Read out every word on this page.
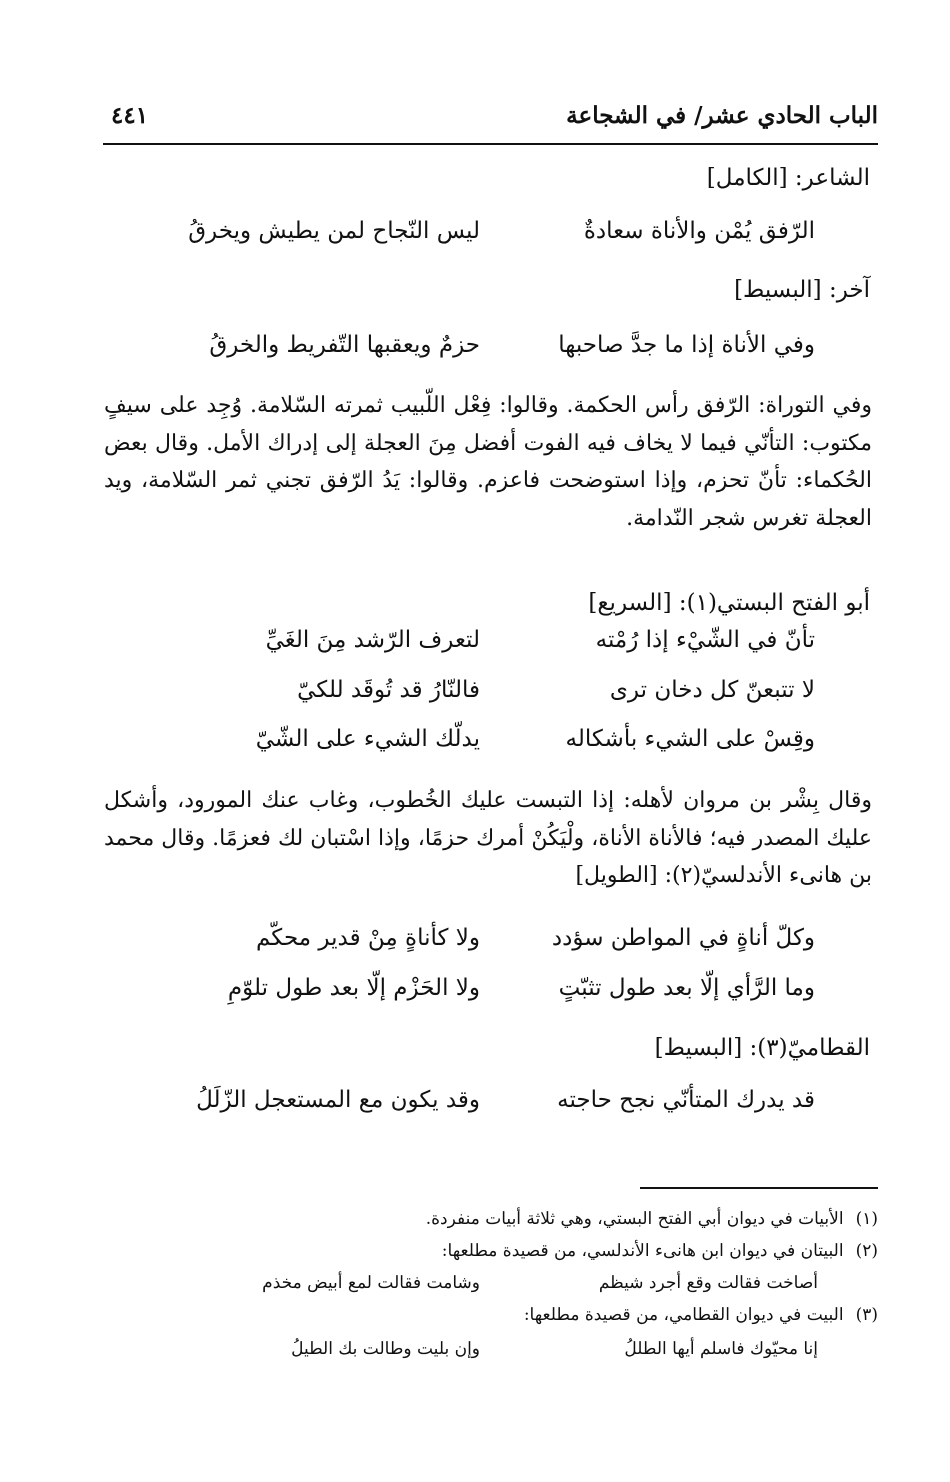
الباب الحادي عشر/ في الشجاعة
٤٤١
الشاعر: [الكامل]
الرّفق يُمْن والأناة سعادةٌ
ليس النّجاح لمن يطيش ويخرقُ
آخر: [البسيط]
وفي الأناة إذا ما جدَّ صاحبها
حزمٌ ويعقبها التّفريط والخرقُ
وفي التوراة: الرّفق رأس الحكمة. وقالوا: فِعْل اللّبيب ثمرته السّلامة. وُجِد على سيفٍ مكتوب: التأنّي فيما لا يخاف فيه الفوت أفضل مِنَ العجلة إلى إدراك الأمل. وقال بعض الحُكماء: تأنّ تحزم، وإذا استوضحت فاعزم. وقالوا: يَدُ الرّفق تجني ثمر السّلامة، ويد العجلة تغرس شجر النّدامة.
أبو الفتح البستي(١): [السريع]
تأنّ في الشّيْء إذا رُمْته
لتعرف الرّشد مِنَ الغَيِّ
لا تتبعنّ كل دخان ترى
فالنّارُ قد تُوقَد للكيّ
وقِسْ على الشيء بأشكاله
يدلّك الشيء على الشّيّ
وقال بِشْر بن مروان لأهله: إذا التبست عليك الخُطوب، وغاب عنك المورود، وأشكل عليك المصدر فيه؛ فالأناة الأناة، ولْيَكُنْ أمرك حزمًا، وإذا اسْتبان لك فعزمًا. وقال محمد بن هانىء الأندلسيّ(٢): [الطويل]
وكلّ أناةٍ في المواطن سؤدد
ولا كأناةٍ مِنْ قدير محكّم
وما الرَّأي إلّا بعد طول تثبّتٍ
ولا الحَزْم إلّا بعد طول تلوّمِ
القطاميّ(٣): [البسيط]
قد يدرك المتأنّي نجح حاجته
وقد يكون مع المستعجل الزّلَلُ
(١)الأبيات في ديوان أبي الفتح البستي، وهي ثلاثة أبيات منفردة.
(٢)البيتان في ديوان ابن هانىء الأندلسي، من قصيدة مطلعها:
أصاخت فقالت وقع أجرد شيظم
وشامت فقالت لمع أبيض مخذم
(٣)البيت في ديوان القطامي، من قصيدة مطلعها:
إنا محيّوك فاسلم أيها الطللُ
وإن بليت وطالت بك الطيلُ
